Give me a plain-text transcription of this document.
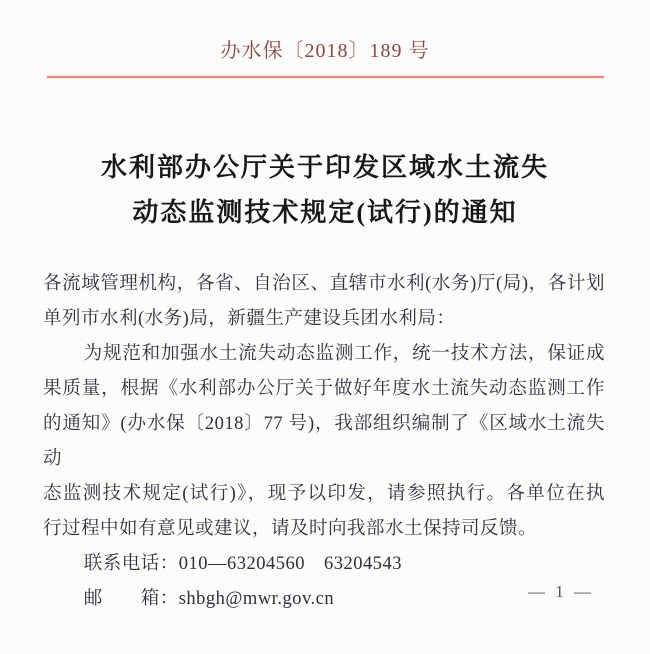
办水保〔2018〕189 号
水利部办公厅关于印发区域水土流失
动态监测技术规定(试行)的通知
各流域管理机构，各省、自治区、直辖市水利(水务)厅(局)，各计划
单列市水利(水务)局，新疆生产建设兵团水利局：
为规范和加强水土流失动态监测工作，统一技术方法，保证成
果质量，根据《水利部办公厅关于做好年度水土流失动态监测工作
的通知》(办水保〔2018〕77 号)，我部组织编制了《区域水土流失动
态监测技术规定(试行)》，现予以印发，请参照执行。各单位在执
行过程中如有意见或建议，请及时向我部水土保持司反馈。
联系电话：010—63204560　63204543
邮　　箱：shbgh@mwr.gov.cn	— 1 —
